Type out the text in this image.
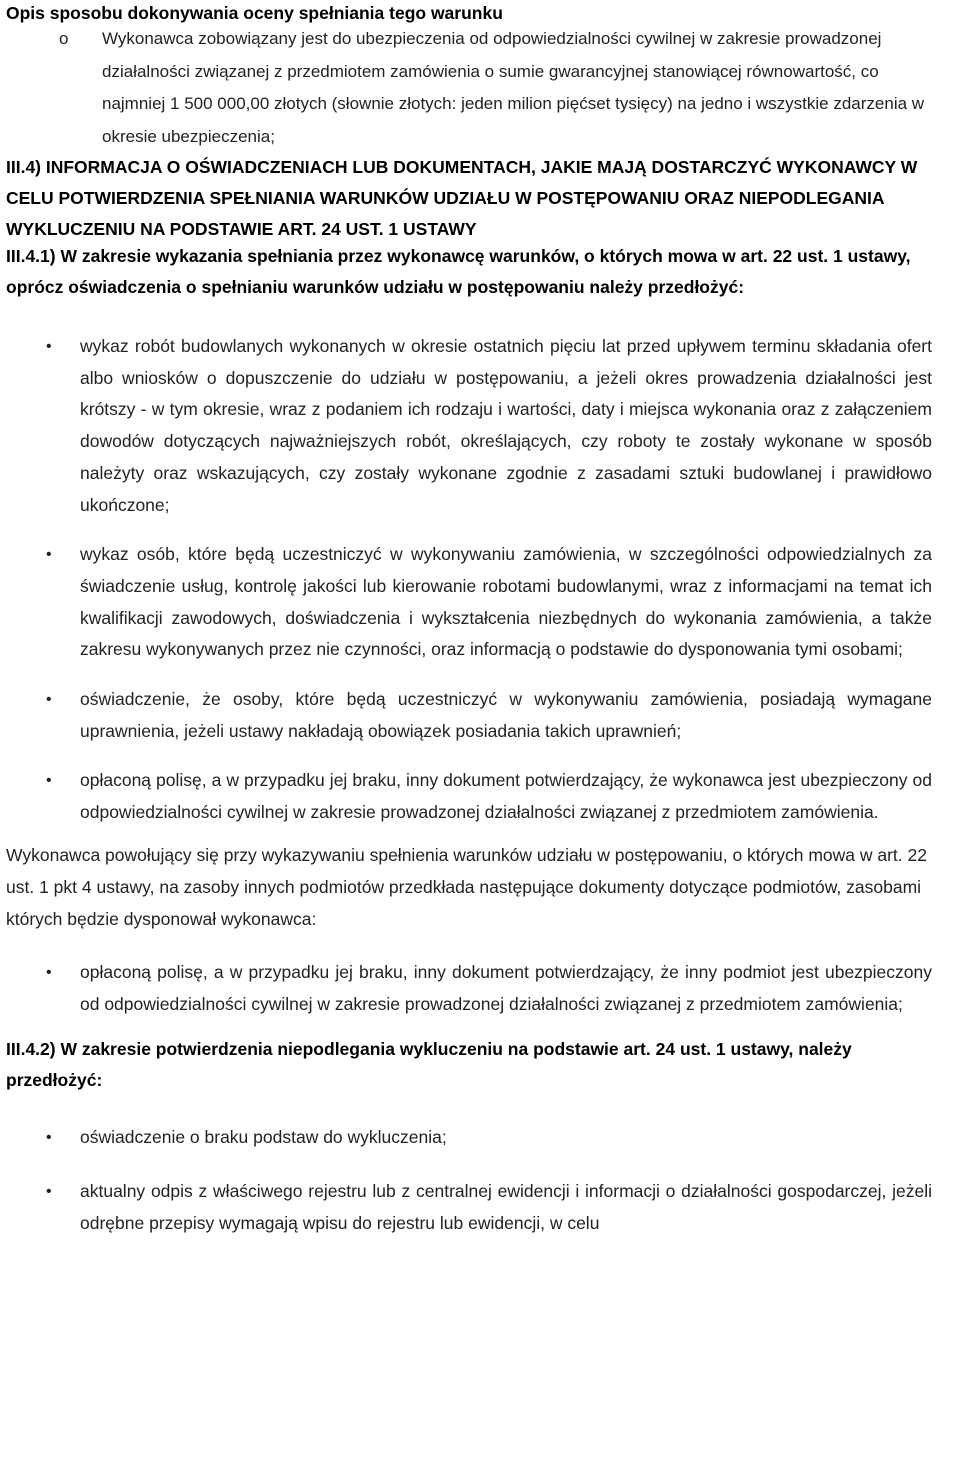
Opis sposobu dokonywania oceny spełniania tego warunku

o Wykonawca zobowiązany jest do ubezpieczenia od odpowiedzialności cywilnej w zakresie prowadzonej działalności związanej z przedmiotem zamówienia o sumie gwarancyjnej stanowiącej równowartość, co najmniej 1 500 000,00 złotych (słownie złotych: jeden milion pięćset tysięcy) na jedno i wszystkie zdarzenia w okresie ubezpieczenia;

III.4) INFORMACJA O OŚWIADCZENIACH LUB DOKUMENTACH, JAKIE MAJĄ DOSTARCZYĆ WYKONAWCY W CELU POTWIERDZENIA SPEŁNIANIA WARUNKÓW UDZIAŁU W POSTĘPOWANIU ORAZ NIEPODLEGANIA WYKLUCZENIU NA PODSTAWIE ART. 24 UST. 1 USTAWY

III.4.1) W zakresie wykazania spełniania przez wykonawcę warunków, o których mowa w art. 22 ust. 1 ustawy, oprócz oświadczenia o spełnianiu warunków udziału w postępowaniu należy przedłożyć:

• wykaz robót budowlanych wykonanych w okresie ostatnich pięciu lat przed upływem terminu składania ofert albo wniosków o dopuszczenie do udziału w postępowaniu, a jeżeli okres prowadzenia działalności jest krótszy - w tym okresie, wraz z podaniem ich rodzaju i wartości, daty i miejsca wykonania oraz z załączeniem dowodów dotyczących najważniejszych robót, określających, czy roboty te zostały wykonane w sposób należyty oraz wskazujących, czy zostały wykonane zgodnie z zasadami sztuki budowlanej i prawidłowo ukończone;
• wykaz osób, które będą uczestniczyć w wykonywaniu zamówienia, w szczególności odpowiedzialnych za świadczenie usług, kontrolę jakości lub kierowanie robotami budowlanymi, wraz z informacjami na temat ich kwalifikacji zawodowych, doświadczenia i wykształcenia niezbędnych do wykonania zamówienia, a także zakresu wykonywanych przez nie czynności, oraz informacją o podstawie do dysponowania tymi osobami;
• oświadczenie, że osoby, które będą uczestniczyć w wykonywaniu zamówienia, posiadają wymagane uprawnienia, jeżeli ustawy nakładają obowiązek posiadania takich uprawnień;
• opłaconą polisę, a w przypadku jej braku, inny dokument potwierdzający, że wykonawca jest ubezpieczony od odpowiedzialności cywilnej w zakresie prowadzonej działalności związanej z przedmiotem zamówienia.

Wykonawca powołujący się przy wykazywaniu spełnienia warunków udziału w postępowaniu, o których mowa w art. 22 ust. 1 pkt 4 ustawy, na zasoby innych podmiotów przedkłada następujące dokumenty dotyczące podmiotów, zasobami których będzie dysponował wykonawca:

• opłaconą polisę, a w przypadku jej braku, inny dokument potwierdzający, że inny podmiot jest ubezpieczony od odpowiedzialności cywilnej w zakresie prowadzonej działalności związanej z przedmiotem zamówienia;

III.4.2) W zakresie potwierdzenia niepodlegania wykluczeniu na podstawie art. 24 ust. 1 ustawy, należy przedłożyć:

• oświadczenie o braku podstaw do wykluczenia;
• aktualny odpis z właściwego rejestru lub z centralnej ewidencji i informacji o działalności gospodarczej, jeżeli odrębne przepisy wymagają wpisu do rejestru lub ewidencji, w celu
